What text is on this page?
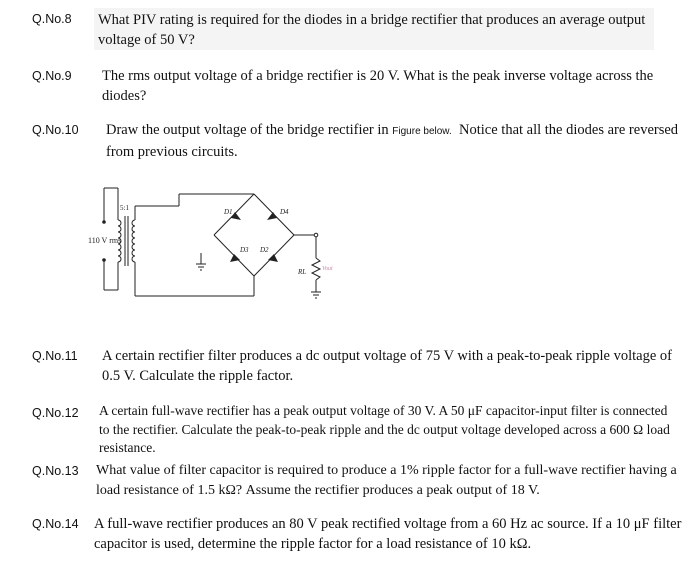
Q.No.8 What PIV rating is required for the diodes in a bridge rectifier that produces an average output voltage of 50 V?
Q.No.9 The rms output voltage of a bridge rectifier is 20 V. What is the peak inverse voltage across the diodes?
Q.No.10 Draw the output voltage of the bridge rectifier in Figure below. Notice that all the diodes are reversed from previous circuits.
110 V rms
5:1	D1	D4
D3 D2
RL	Vout
Q.No.11 A certain rectifier filter produces a dc output voltage of 75 V with a peak-to-peak ripple voltage of 0.5 V. Calculate the ripple factor.
Q.No.12 A certain full-wave rectifier has a peak output voltage of 30 V. A 50 μF capacitor-input filter is connected to the rectifier. Calculate the peak-to-peak ripple and the dc output voltage developed across a 600 Ω load resistance.
Q.No.13 What value of filter capacitor is required to produce a 1% ripple factor for a full-wave rectifier having a load resistance of 1.5 kΩ? Assume the rectifier produces a peak output of 18 V.
Q.No.14 A full-wave rectifier produces an 80 V peak rectified voltage from a 60 Hz ac source. If a 10 μF filter capacitor is used, determine the ripple factor for a load resistance of 10 kΩ.
